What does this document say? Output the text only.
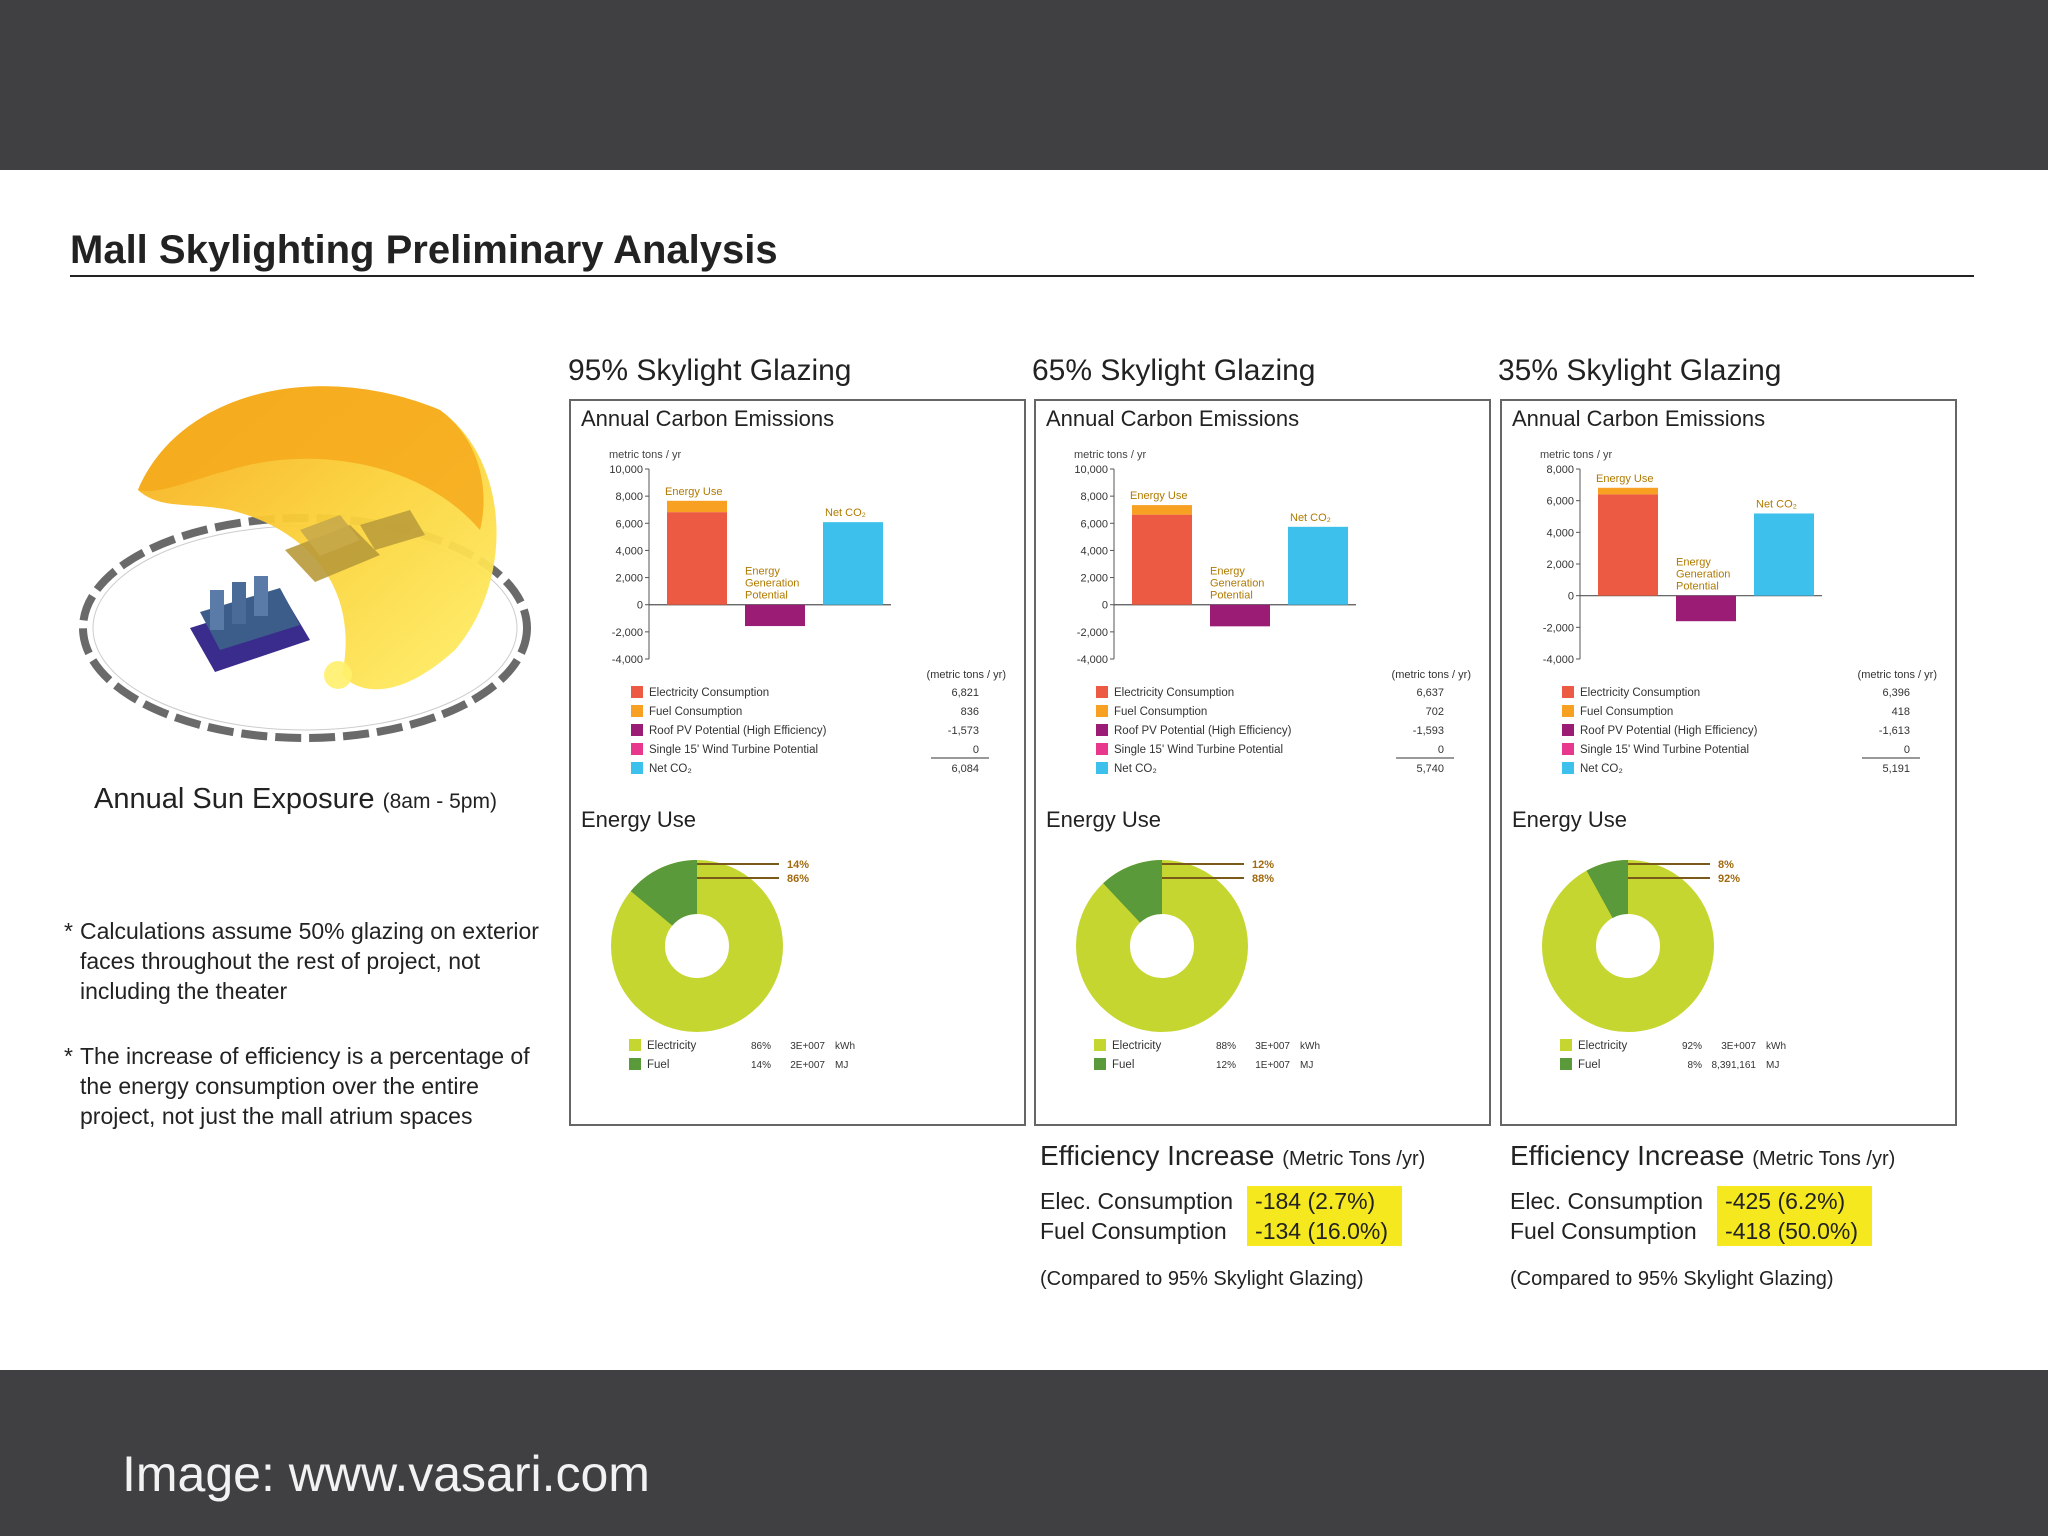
Mall Skylighting Preliminary Analysis
Annual Sun Exposure (8am - 5pm)
* Calculations assume 50% glazing on exterior faces throughout the rest of project, not including the theater
* The increase of efficiency is a percentage of the energy consumption over the entire project, not just the mall atrium spaces
95% Skylight Glazing	65% Skylight Glazing	35% Skylight Glazing
metric tons / yr
10,000
8,000
6,000
4,000
2,000
0
-2,000
-4,000
Energy Use
Energy
Generation
Potential
Net CO₂
(metric tons / yr)
Electricity Consumption	6,821
Fuel Consumption	836
Roof PV Potential (High Efficiency)	-1,573
Single 15' Wind Turbine Potential	0
Net CO₂	6,084
14%
86%
Electricity	86% 3E+007 kWh
Fuel	14% 2E+007 MJ
Annual Carbon Emissions
Energy Use
metric tons / yr
10,000
8,000
6,000
4,000
2,000
0
-2,000
-4,000
Energy Use
Energy
Generation
Potential
Net CO₂
(metric tons / yr)
Electricity Consumption	6,637
Fuel Consumption	702
Roof PV Potential (High Efficiency)	-1,593
Single 15' Wind Turbine Potential	0
Net CO₂	5,740
12%
88%
Electricity	88% 3E+007 kWh
Fuel	12% 1E+007 MJ
Annual Carbon Emissions
Energy Use
metric tons / yr
8,000
6,000
4,000
2,000
0
-2,000
-4,000
Energy Use
Energy
Generation
Potential
Net CO₂
(metric tons / yr)
Electricity Consumption	6,396
Fuel Consumption	418
Roof PV Potential (High Efficiency)	-1,613
Single 15' Wind Turbine Potential	0
Net CO₂	5,191
8%
92%
Electricity	92% 3E+007 kWh
Fuel	8% 8,391,161 MJ
Annual Carbon Emissions
Energy Use
Efficiency Increase (Metric Tons /yr)
Elec. Consumption	-184 (2.7%)
Fuel Consumption	-134 (16.0%)
(Compared to 95% Skylight Glazing)
Efficiency Increase (Metric Tons /yr)
Elec. Consumption	-425 (6.2%)
Fuel Consumption	-418 (50.0%)
(Compared to 95% Skylight Glazing)
Image: www.vasari.com
